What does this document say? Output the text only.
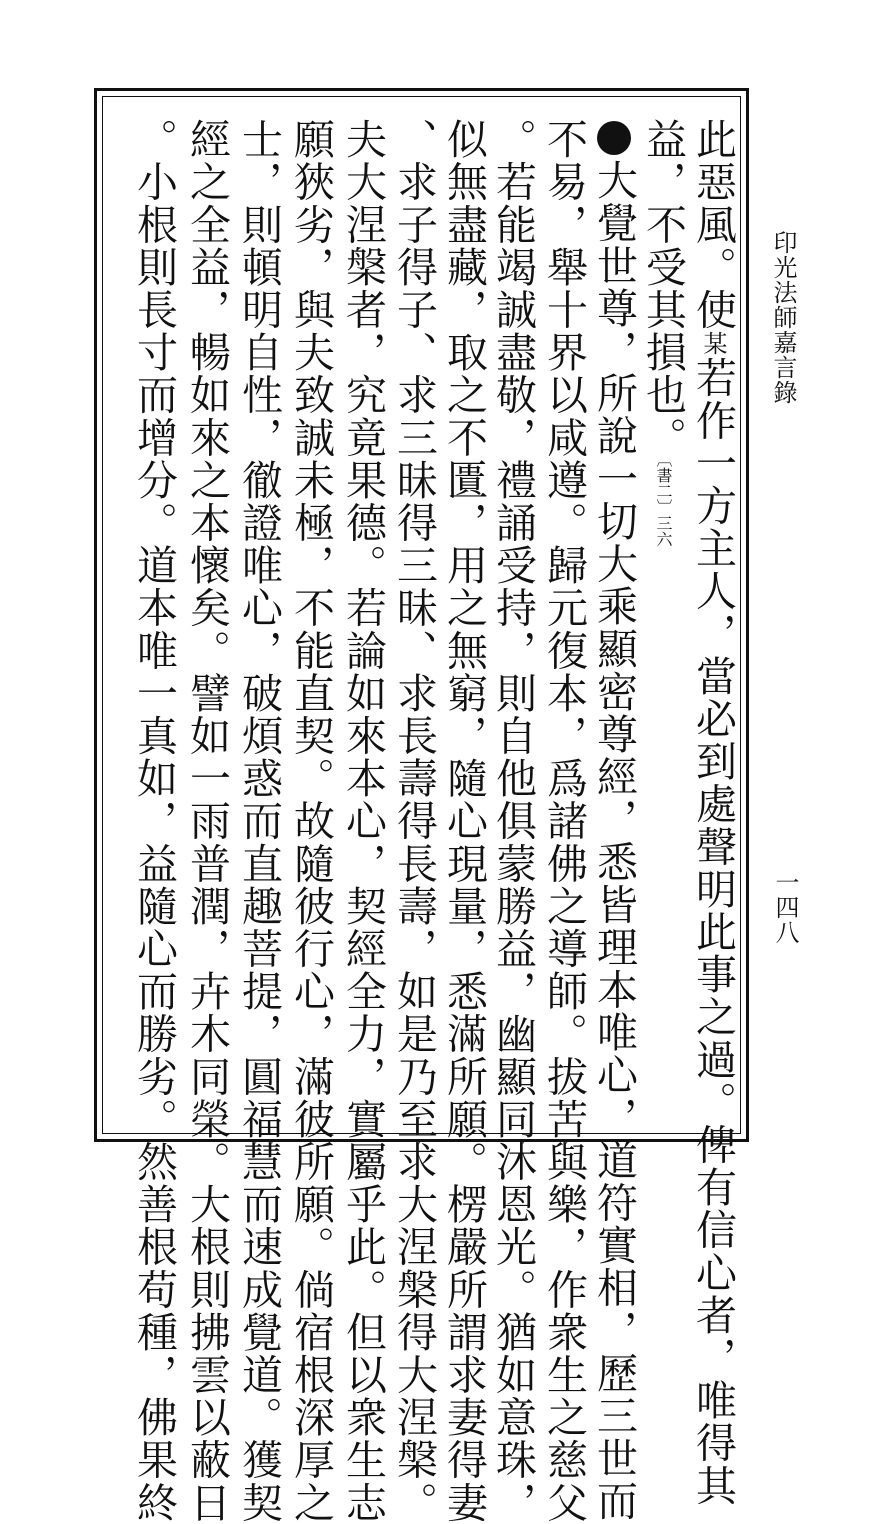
印光法師嘉言錄
一四八
此惡風。使某若作一方主人，當必到處聲明此事之過。俾有信心者，唯得其
益，不受其損也。〔書二〕三六
大覺世尊，所說一切大乘顯密尊經，悉皆理本唯心，道符實相，歷三世而
不易，舉十界以咸遵。歸元復本，爲諸佛之導師。拔苦與樂，作衆生之慈父
。若能竭誠盡敬，禮誦受持，則自他俱蒙勝益，幽顯同沐恩光。猶如意珠，
似無盡藏，取之不匱，用之無窮，隨心現量，悉滿所願。楞嚴所謂求妻得妻
、求子得子、求三昧得三昧、求長壽得長壽，如是乃至求大涅槃得大涅槃。
夫大涅槃者，究竟果德。若論如來本心，契經全力，實屬乎此。但以衆生志
願狹劣，與夫致誠未極，不能直契。故隨彼行心，滿彼所願。倘宿根深厚之
士，則頓明自性，徹證唯心，破煩惑而直趣菩提，圓福慧而速成覺道。獲契
經之全益，暢如來之本懷矣。譬如一雨普潤，卉木同榮。大根則拂雲以蔽日
。小根則長寸而增分。道本唯一真如，益隨心而勝劣。然善根苟種，佛果終
